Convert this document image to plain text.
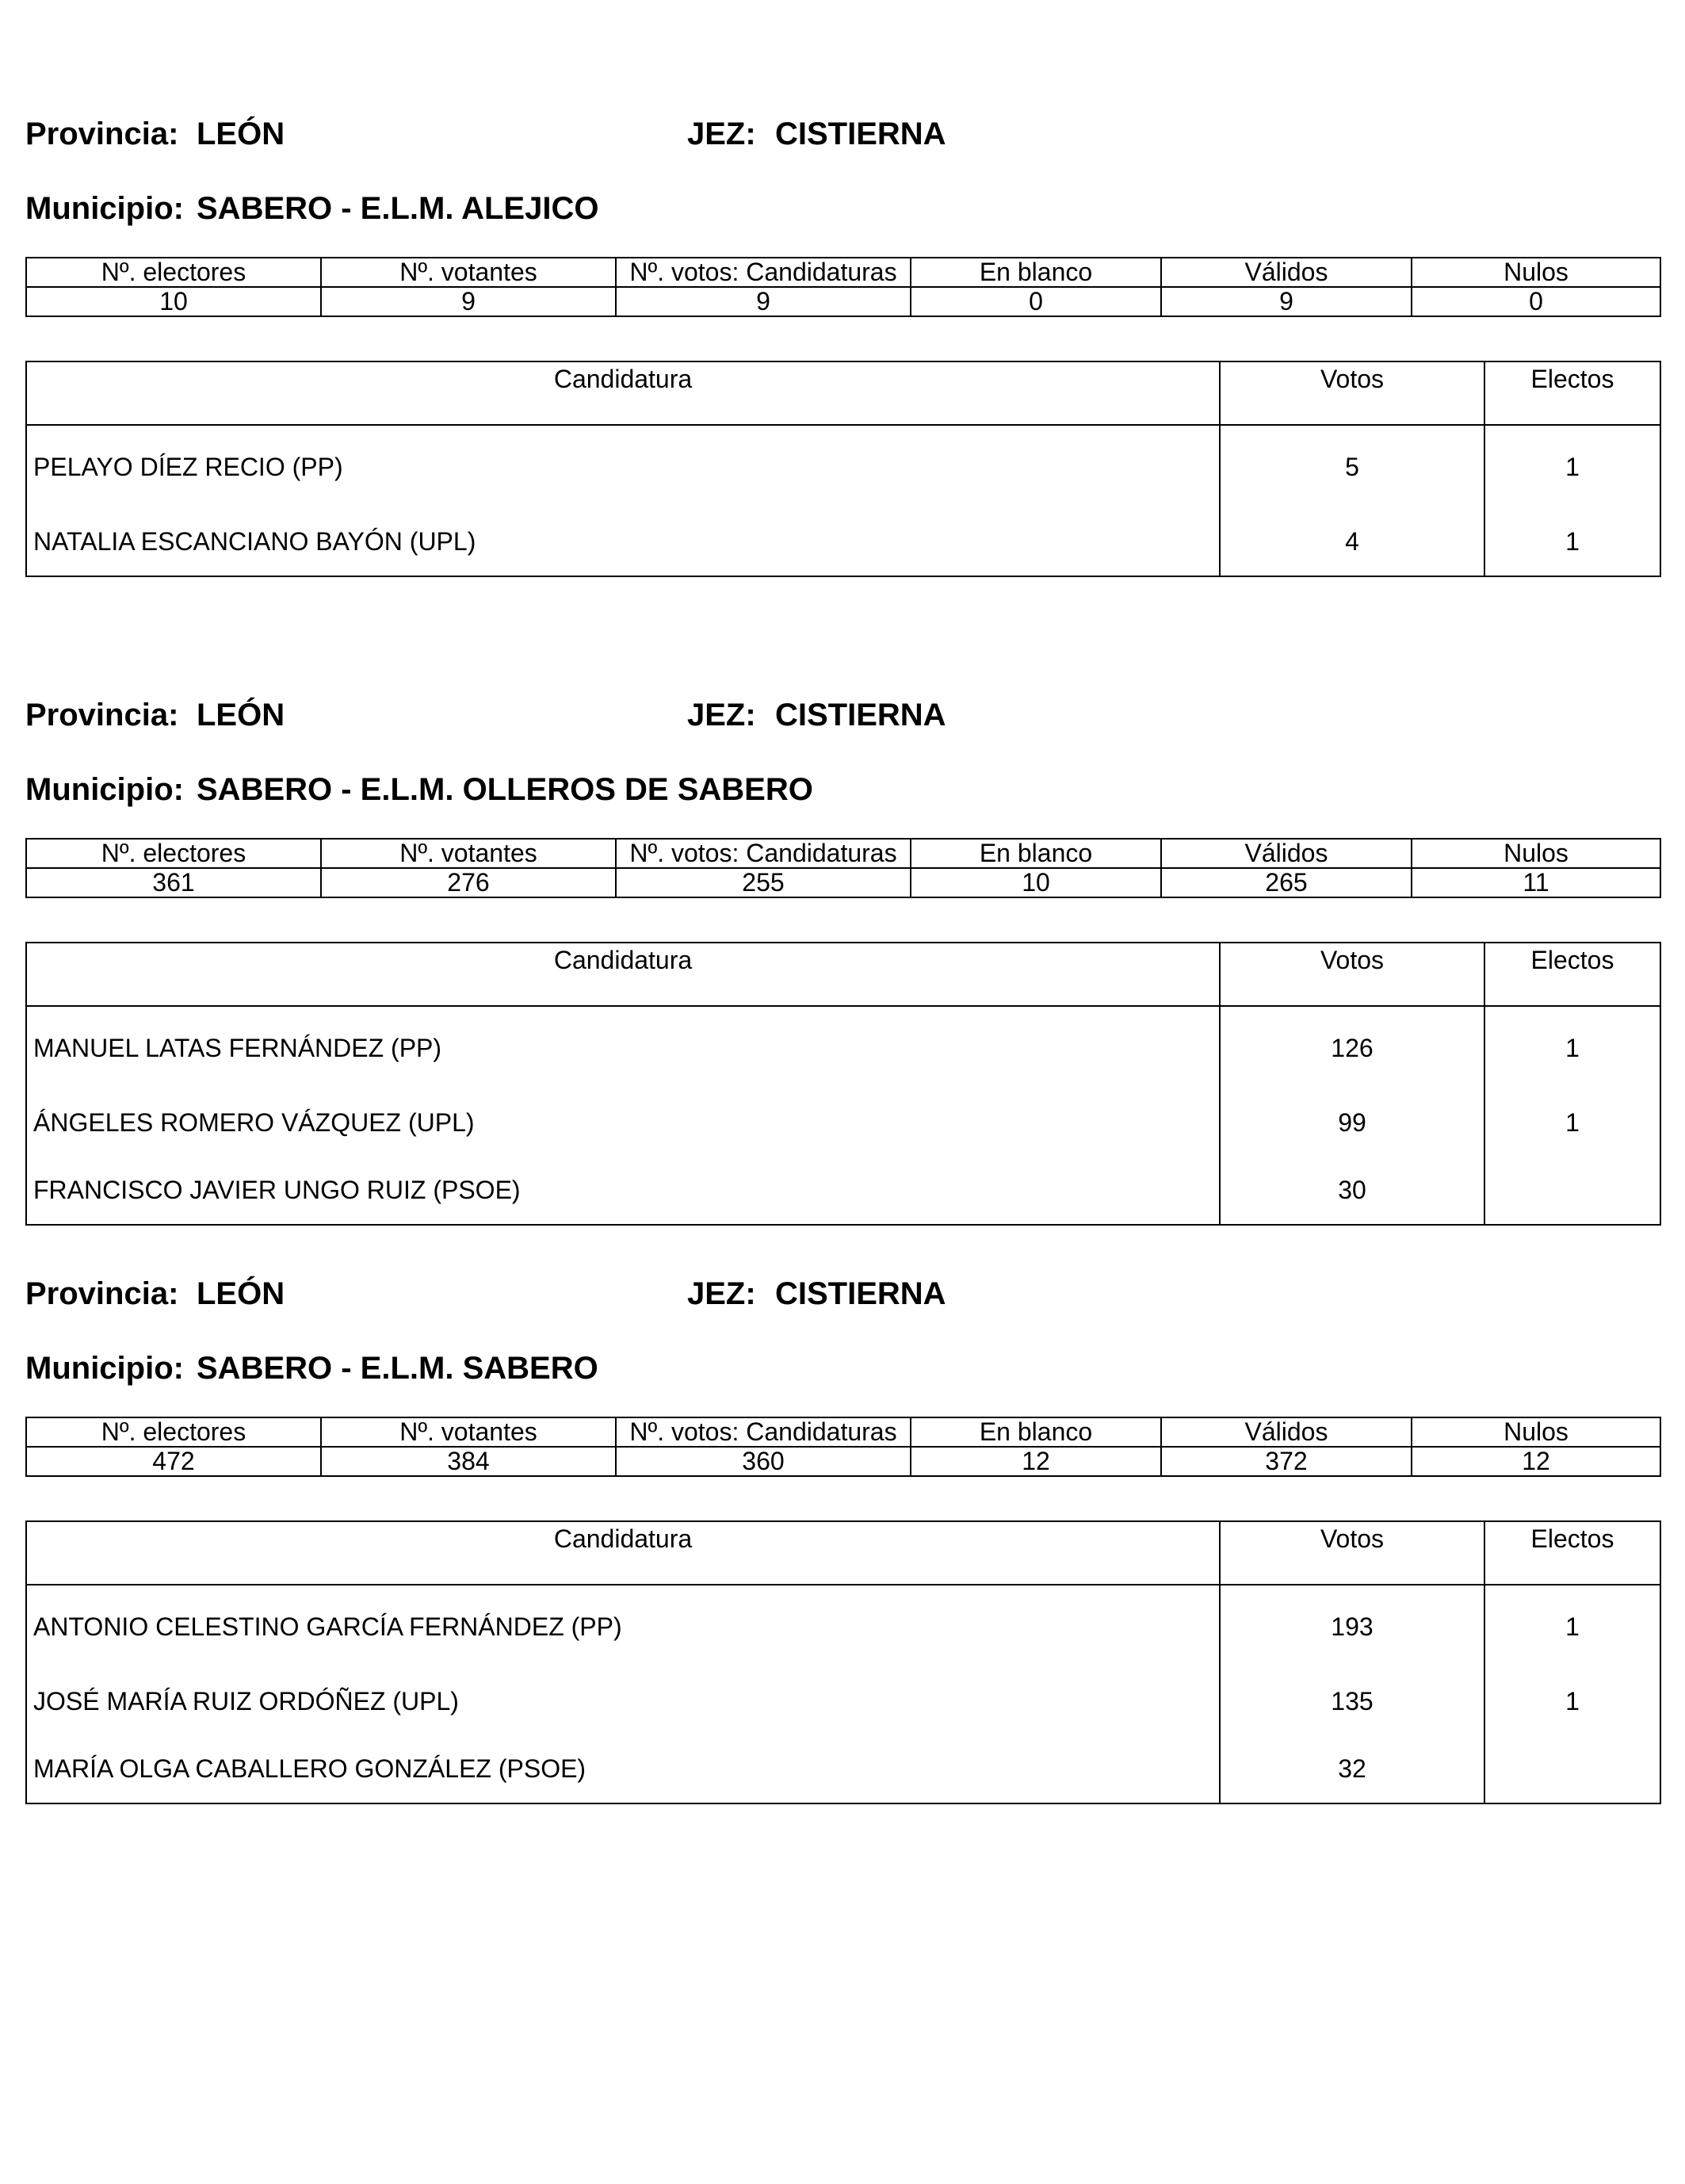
Provincia: LEÓN	JEZ: CISTIERNA
Municipio: SABERO - E.L.M. ALEJICO
Nº. electores	Nº. votantes	Nº. votos: Candidaturas	En blanco	Válidos	Nulos
10	9	9	0	9	0
Candidatura	Votos	Electos
PELAYO DÍEZ RECIO (PP)	5	1
NATALIA ESCANCIANO BAYÓN (UPL)	4	1
Provincia: LEÓN	JEZ: CISTIERNA
Municipio: SABERO - E.L.M. OLLEROS DE SABERO
Nº. electores	Nº. votantes	Nº. votos: Candidaturas	En blanco	Válidos	Nulos
361	276	255	10	265	11
Candidatura	Votos	Electos
MANUEL LATAS FERNÁNDEZ (PP)	126	1
ÁNGELES ROMERO VÁZQUEZ (UPL)	99	1
FRANCISCO JAVIER UNGO RUIZ (PSOE)	30	
Provincia: LEÓN	JEZ: CISTIERNA
Municipio: SABERO - E.L.M. SABERO
Nº. electores	Nº. votantes	Nº. votos: Candidaturas	En blanco	Válidos	Nulos
472	384	360	12	372	12
Candidatura	Votos	Electos
ANTONIO CELESTINO GARCÍA FERNÁNDEZ (PP)	193	1
JOSÉ MARÍA RUIZ ORDÓÑEZ (UPL)	135	1
MARÍA OLGA CABALLERO GONZÁLEZ (PSOE)	32	
